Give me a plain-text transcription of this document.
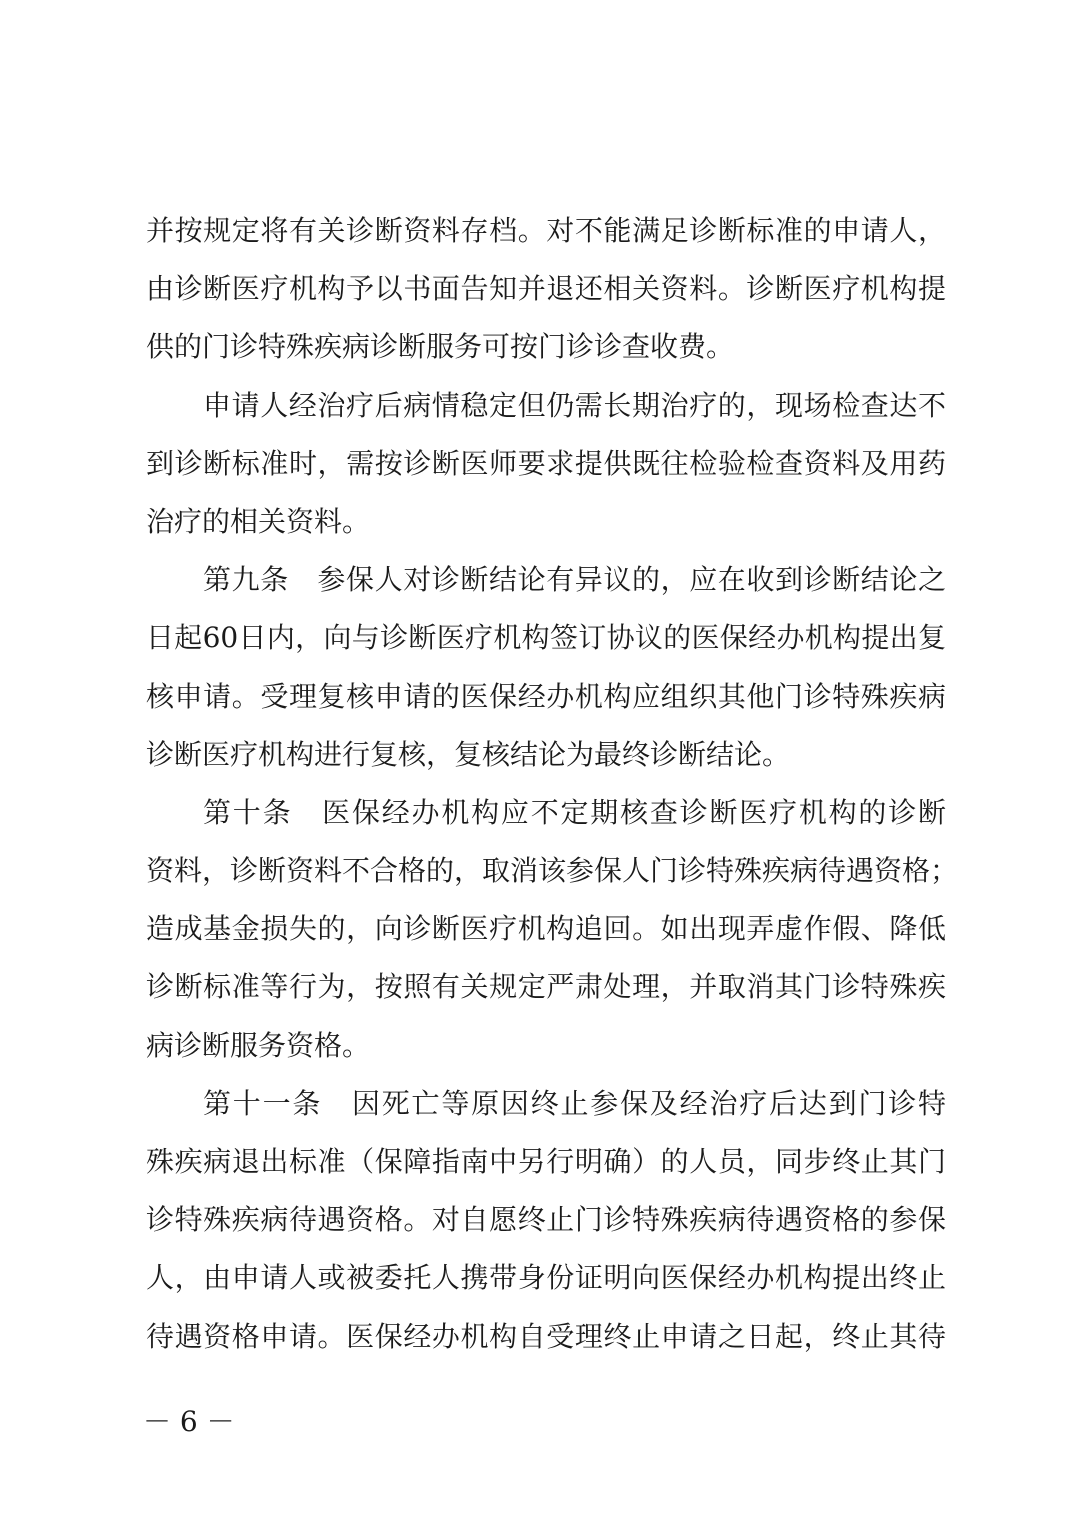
并按规定将有关诊断资料存档。对不能满足诊断标准的申请人，
由诊断医疗机构予以书面告知并退还相关资料。诊断医疗机构提
供的门诊特殊疾病诊断服务可按门诊诊查收费。
申请人经治疗后病情稳定但仍需长期治疗的，现场检查达不
到诊断标准时，需按诊断医师要求提供既往检验检查资料及用药
治疗的相关资料。
第九条　参保人对诊断结论有异议的，应在收到诊断结论之
日起60日内，向与诊断医疗机构签订协议的医保经办机构提出复
核申请。受理复核申请的医保经办机构应组织其他门诊特殊疾病
诊断医疗机构进行复核，复核结论为最终诊断结论。
第十条　医保经办机构应不定期核查诊断医疗机构的诊断
资料，诊断资料不合格的，取消该参保人门诊特殊疾病待遇资格；
造成基金损失的，向诊断医疗机构追回。如出现弄虚作假、降低
诊断标准等行为，按照有关规定严肃处理，并取消其门诊特殊疾
病诊断服务资格。
第十一条　因死亡等原因终止参保及经治疗后达到门诊特
殊疾病退出标准（保障指南中另行明确）的人员，同步终止其门
诊特殊疾病待遇资格。对自愿终止门诊特殊疾病待遇资格的参保
人，由申请人或被委托人携带身份证明向医保经办机构提出终止
待遇资格申请。医保经办机构自受理终止申请之日起，终止其待
－ 6 －
